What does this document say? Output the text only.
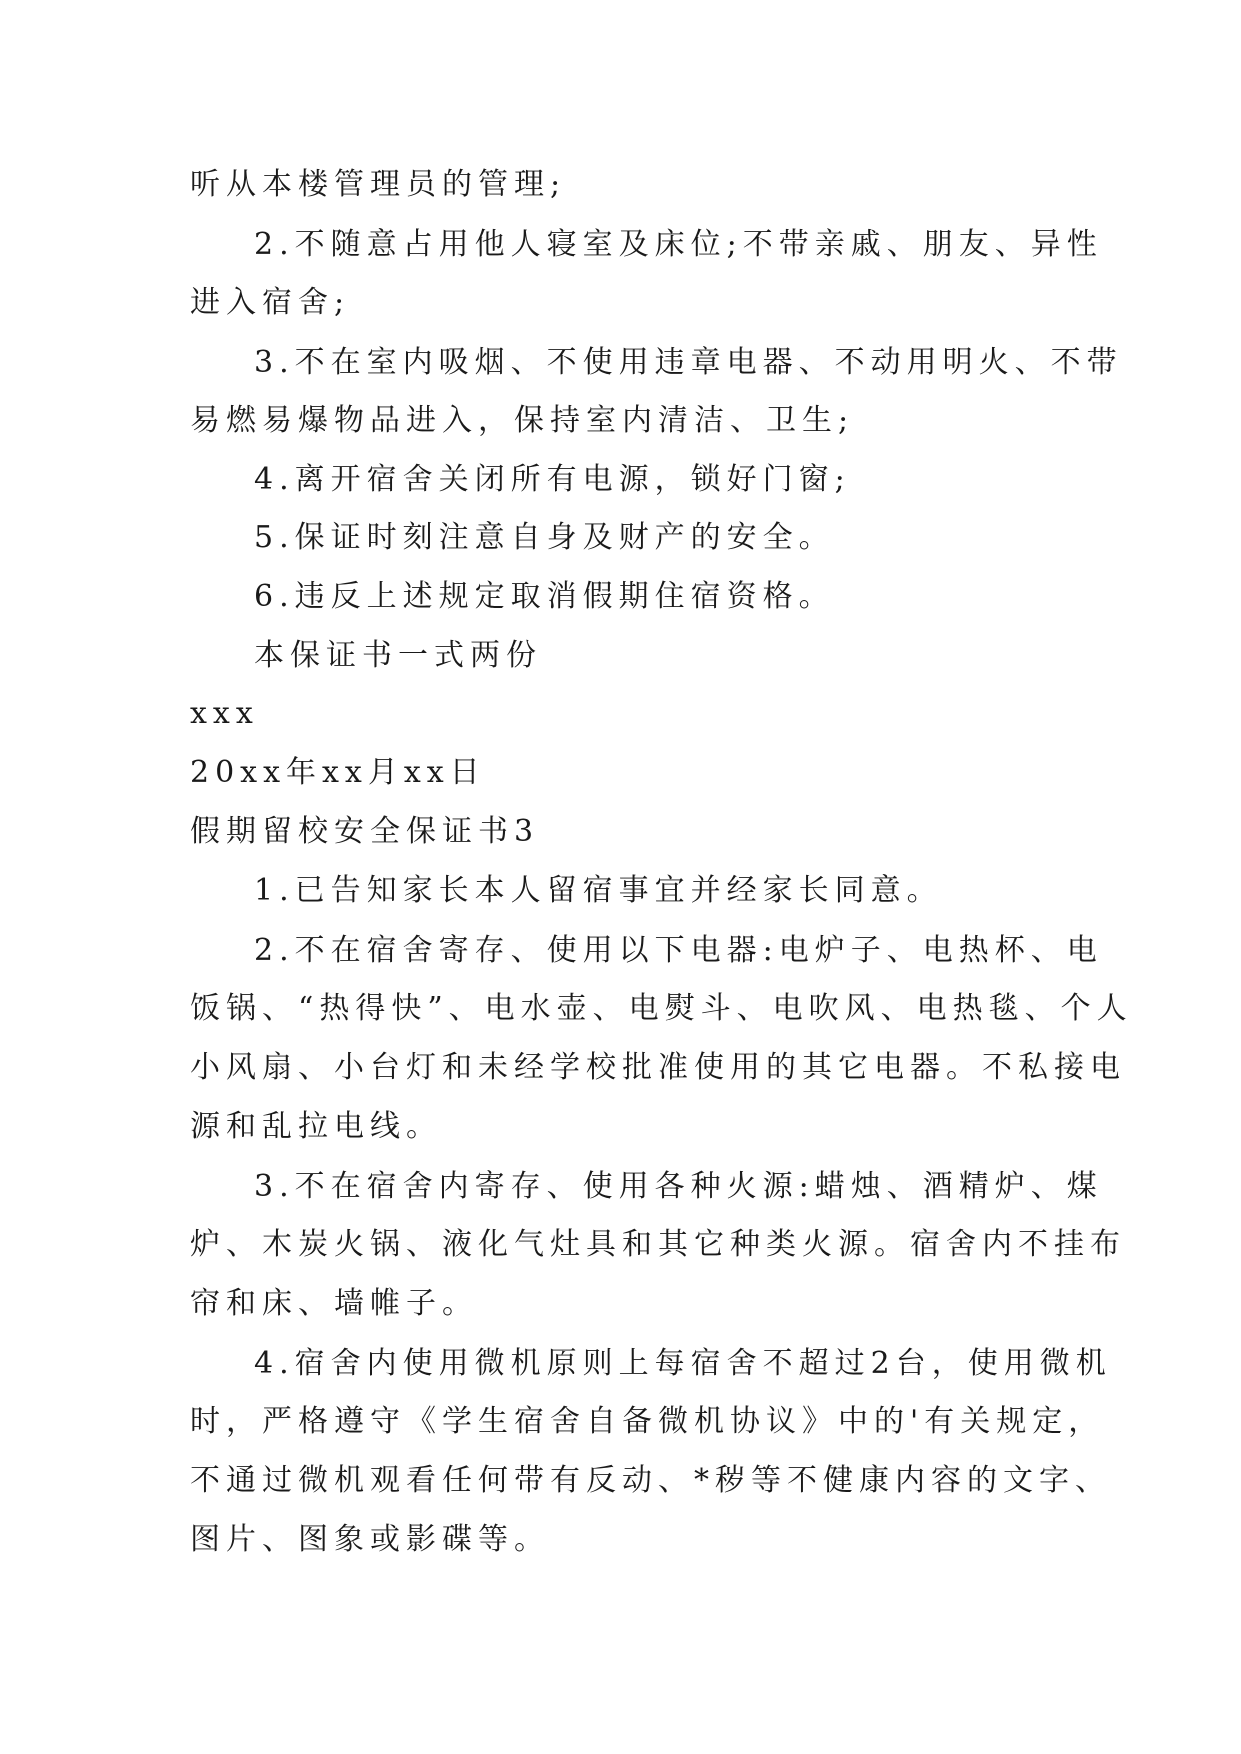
听从本楼管理员的管理;

2.不随意占用他人寝室及床位;不带亲戚、朋友、异性

进入宿舍;

3.不在室内吸烟、不使用违章电器、不动用明火、不带

易燃易爆物品进入，保持室内清洁、卫生;

4.离开宿舍关闭所有电源，锁好门窗;

5.保证时刻注意自身及财产的安全。

6.违反上述规定取消假期住宿资格。

本保证书一式两份

xxx

20xx年xx月xx日

假期留校安全保证书3

1.已告知家长本人留宿事宜并经家长同意。

2.不在宿舍寄存、使用以下电器:电炉子、电热杯、电

饭锅、“热得快”、电水壶、电熨斗、电吹风、电热毯、个人

小风扇、小台灯和未经学校批准使用的其它电器。不私接电

源和乱拉电线。

3.不在宿舍内寄存、使用各种火源:蜡烛、酒精炉、煤

炉、木炭火锅、液化气灶具和其它种类火源。宿舍内不挂布

帘和床、墙帷子。

4.宿舍内使用微机原则上每宿舍不超过2台，使用微机

时，严格遵守《学生宿舍自备微机协议》中的'有关规定，

不通过微机观看任何带有反动、*秽等不健康内容的文字、

图片、图象或影碟等。
